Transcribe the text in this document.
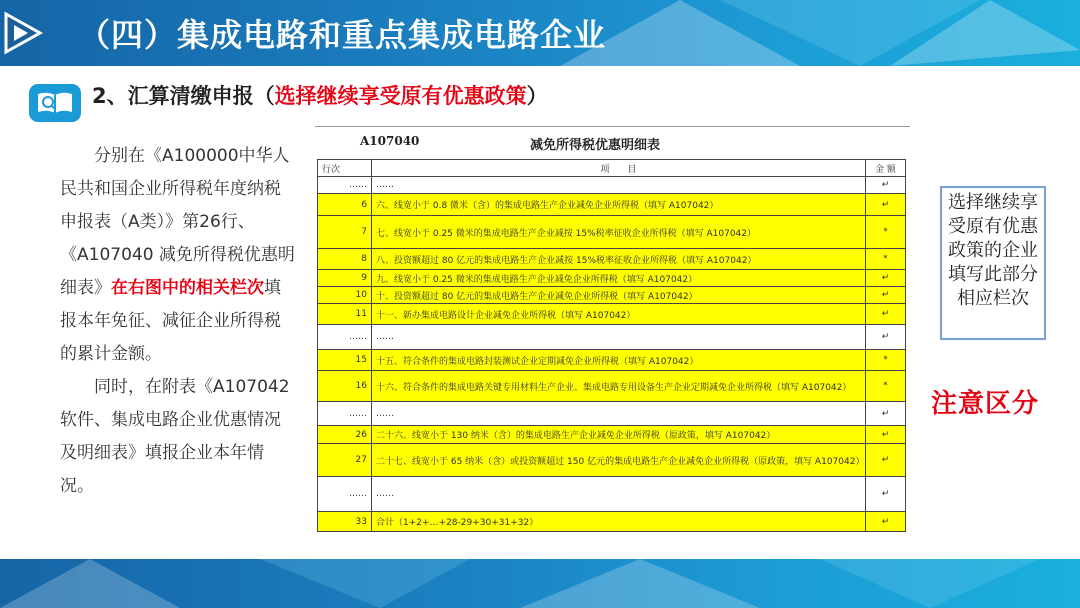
（四）集成电路和重点集成电路企业
2、汇算清缴申报（选择继续享受原有优惠政策）

分别在《A100000中华人民共和国企业所得税年度纳税申报表（A类）》第26行、《A107040 减免所得税优惠明细表》在右图中的相关栏次填报本年免征、减征企业所得税的累计金额。

同时，在附表《A107042 软件、集成电路企业优惠情况及明细表》填报企业本年情况。

A107040	减免所得税优惠明细表
行次	项　　目	金 额
……	……	↵
6	六、线宽小于 0.8 微米（含）的集成电路生产企业减免企业所得税（填写 A107042）	↵
7	七、线宽小于 0.25 微米的集成电路生产企业减按 15%税率征收企业所得税（填写 A107042）	*
8	八、投资额超过 80 亿元的集成电路生产企业减按 15%税率征收企业所得税（填写 A107042）	*
9	九、线宽小于 0.25 微米的集成电路生产企业减免企业所得税（填写 A107042）	↵
10	十、投资额超过 80 亿元的集成电路生产企业减免企业所得税（填写 A107042）	↵
11	十一、新办集成电路设计企业减免企业所得税（填写 A107042）	↵
……	……	↵
15	十五、符合条件的集成电路封装测试企业定期减免企业所得税（填写 A107042）	*
16	十六、符合条件的集成电路关键专用材料生产企业、集成电路专用设备生产企业定期减免企业所得税（填写 A107042）	*
……	……	↵
26	二十六、线宽小于 130 纳米（含）的集成电路生产企业减免企业所得税（原政策，填写 A107042）	↵
27	二十七、线宽小于 65 纳米（含）或投资额超过 150 亿元的集成电路生产企业减免企业所得税（原政策，填写 A107042）	↵
……	……	↵
33	合计（1+2+…+28-29+30+31+32）	↵
选择继续享受原有优惠政策的企业填写此部分相应栏次
注意区分
